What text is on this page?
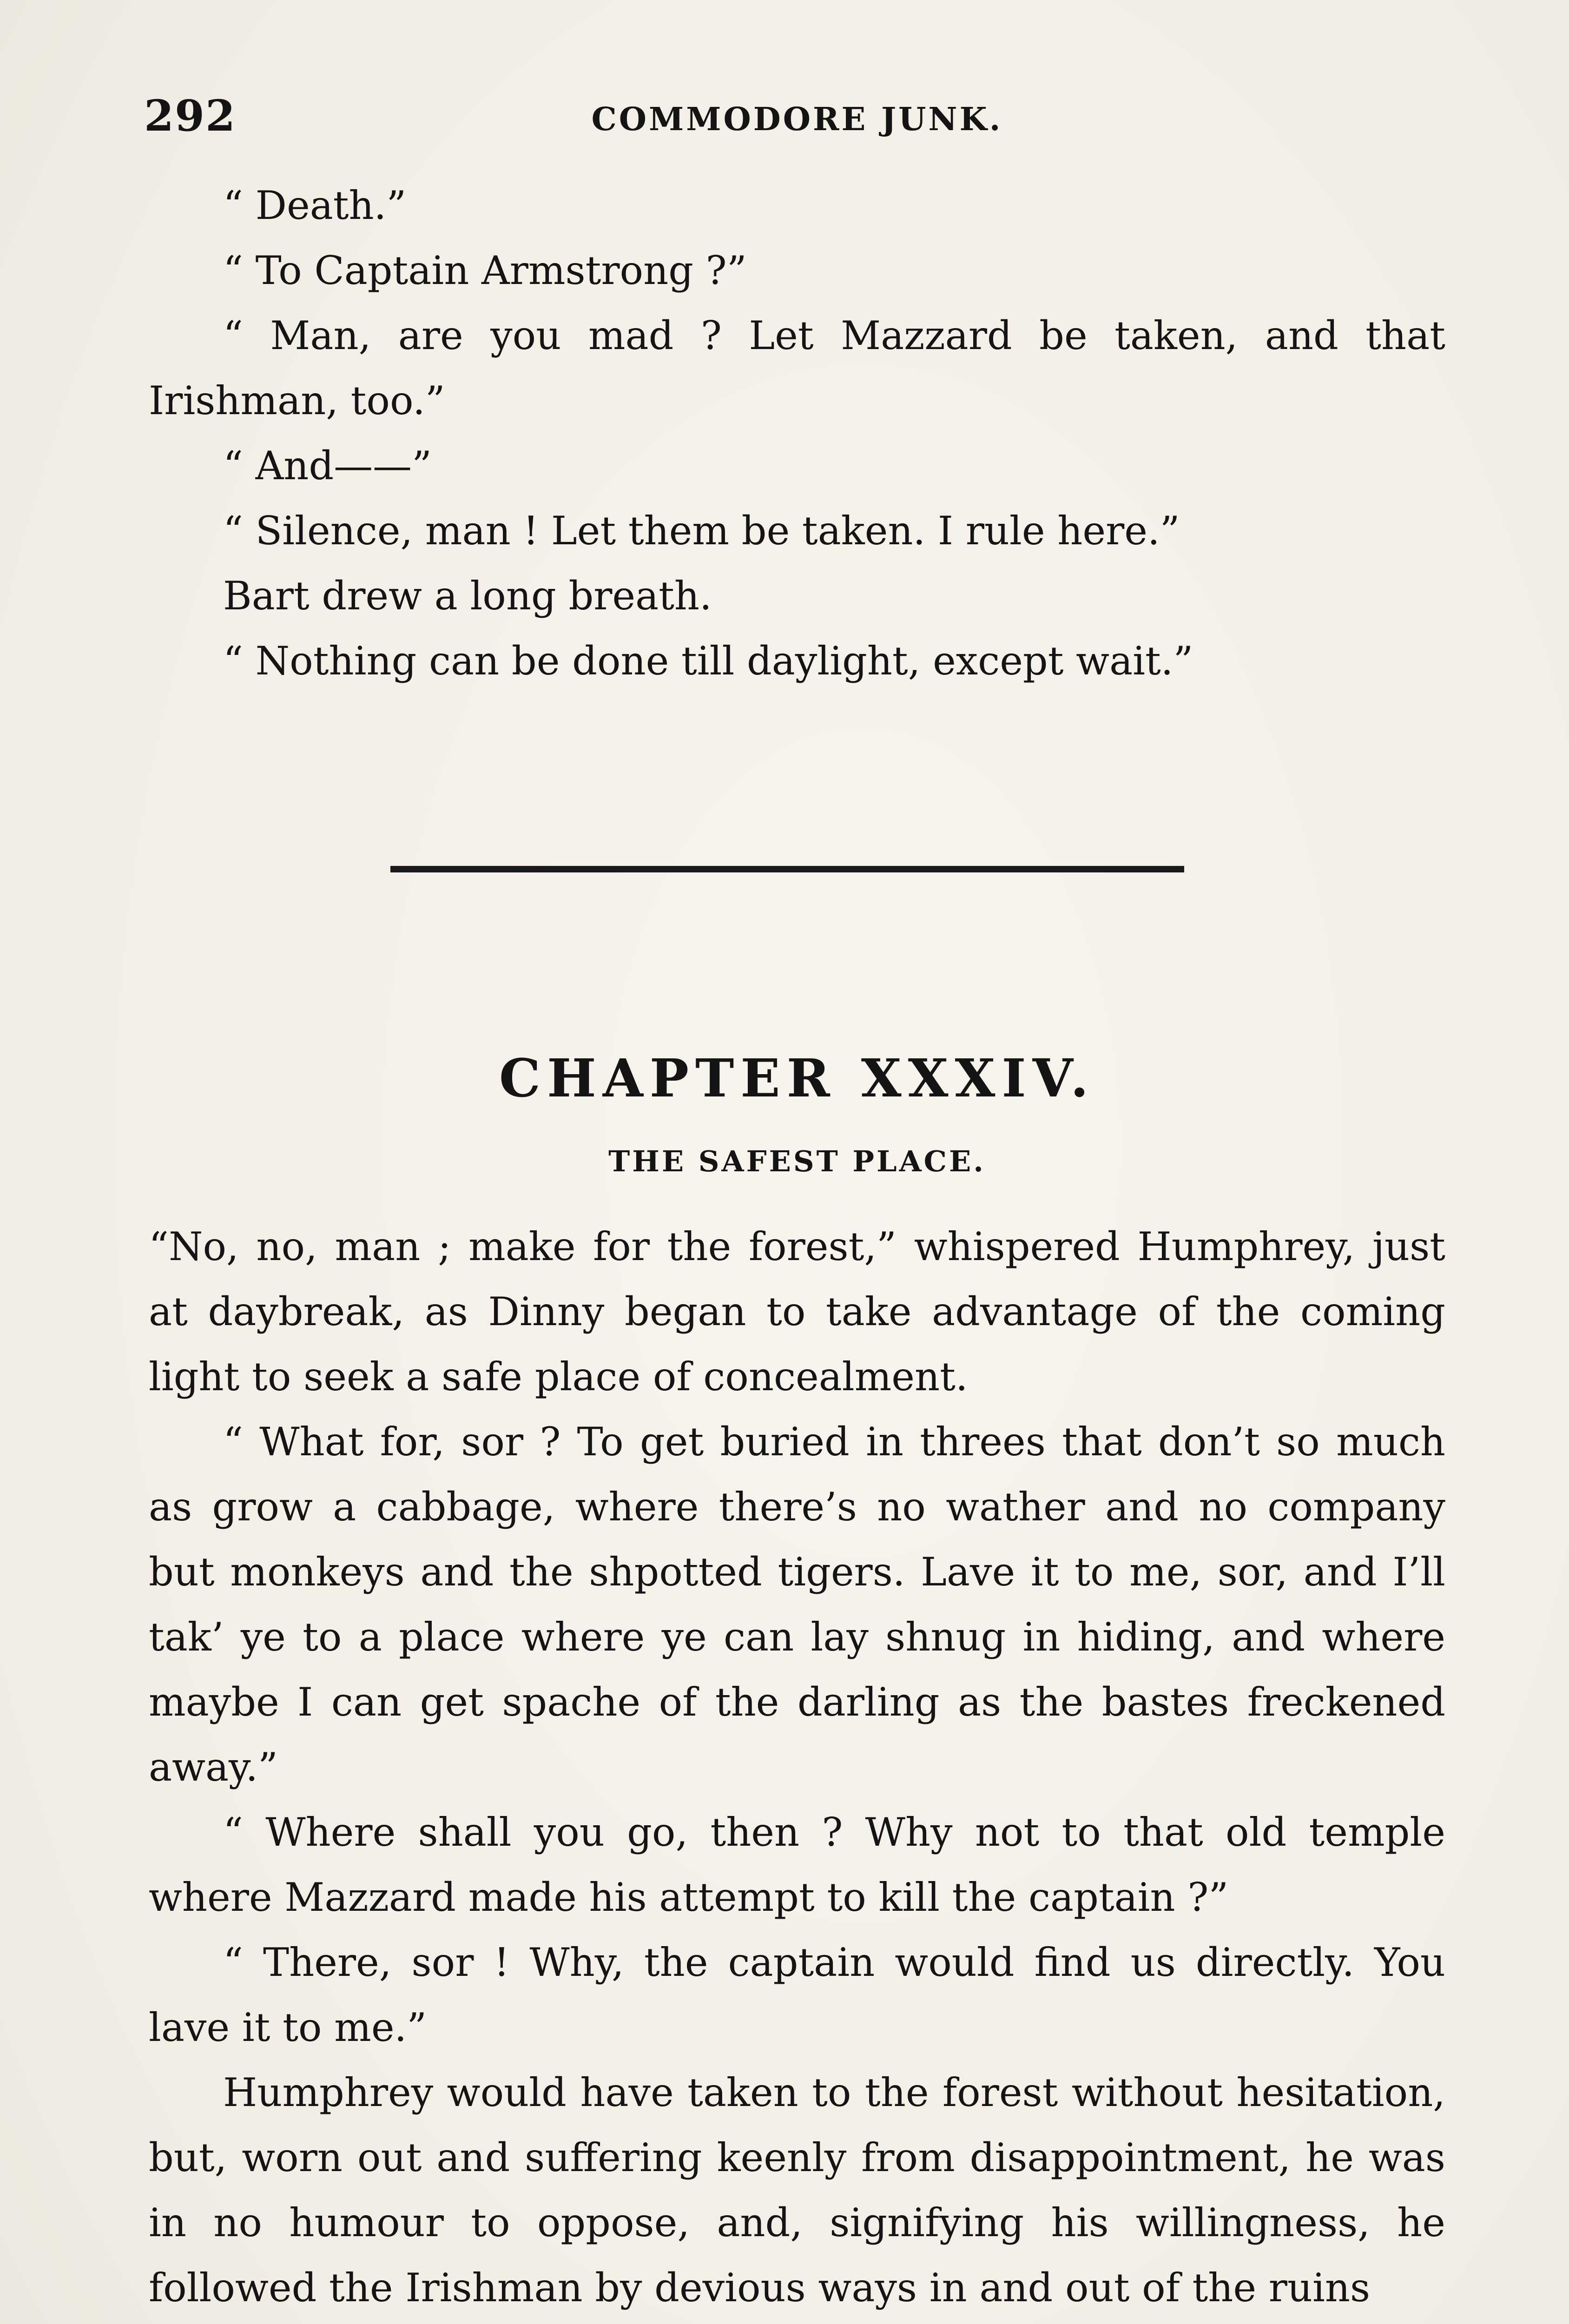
292	COMMODORE JUNK.

“ Death.”

“ To Captain Armstrong ?”

“ Man, are you mad ? Let Mazzard be taken, and that Irishman, too.”

“ And——”

“ Silence, man ! Let them be taken. I rule here.”

Bart drew a long breath.

“ Nothing can be done till daylight, except wait.”

CHAPTER XXXIV.
THE SAFEST PLACE.

“No, no, man ; make for the forest,” whispered Humphrey, just at daybreak, as Dinny began to take advantage of the coming light to seek a safe place of concealment.

“ What for, sor ? To get buried in threes that don’t so much as grow a cabbage, where there’s no wather and no company but monkeys and the shpotted tigers. Lave it to me, sor, and I’ll tak’ ye to a place where ye can lay shnug in hiding, and where maybe I can get spache of the darling as the bastes freckened away.”

“ Where shall you go, then ? Why not to that old temple where Mazzard made his attempt to kill the captain ?”

“ There, sor ! Why, the captain would find us directly. You lave it to me.”

Humphrey would have taken to the forest without hesitation, but, worn out and suffering keenly from disappointment, he was in no humour to oppose, and, signifying his willingness, he followed the Irishman by devious ways in and out of the ruins
